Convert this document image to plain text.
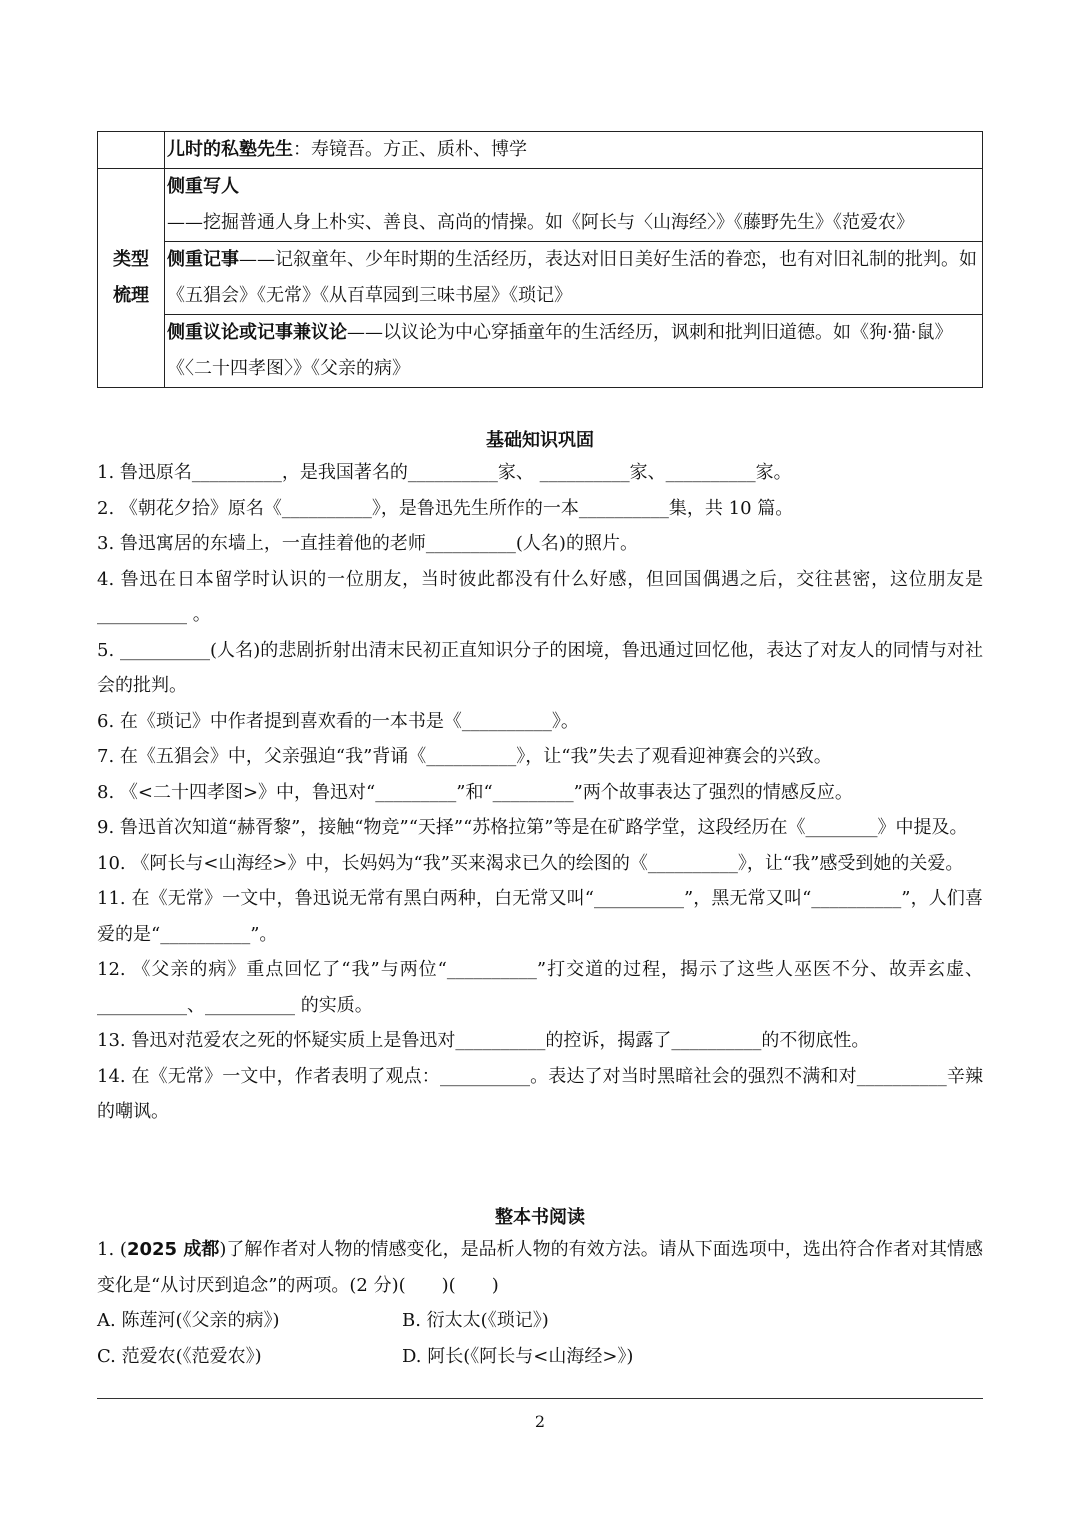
	儿时的私塾先生：寿镜吾。方正、质朴、博学

类型
梳理	侧重写人——挖掘普通人身上朴实、善良、高尚的情操。如《阿长与〈山海经〉》《藤野先生》《范爱农》
	侧重记事——记叙童年、少年时期的生活经历，表达对旧日美好生活的眷恋，也有对旧礼制的批判。如《五猖会》《无常》《从百草园到三味书屋》《琐记》
	侧重议论或记事兼议论——以议论为中心穿插童年的生活经历，讽刺和批判旧道德。如《狗·猫·鼠》《〈二十四孝图〉》《父亲的病》
基础知识巩固

1. 鲁迅原名__________，是我国著名的__________家、 __________家、__________家。

2. 《朝花夕拾》原名《__________》，是鲁迅先生所作的一本__________集，共 10 篇。

3. 鲁迅寓居的东墙上，一直挂着他的老师__________(人名)的照片。

4. 鲁迅在日本留学时认识的一位朋友，当时彼此都没有什么好感，但回国偶遇之后，交往甚密，这位朋友是__________ 。

5. __________(人名)的悲剧折射出清末民初正直知识分子的困境，鲁迅通过回忆他，表达了对友人的同情与对社会的批判。

6. 在《琐记》中作者提到喜欢看的一本书是《__________》。

7. 在《五猖会》中，父亲强迫“我”背诵《__________》，让“我”失去了观看迎神赛会的兴致。

8. 《<二十四孝图>》中，鲁迅对“_________”和“_________”两个故事表达了强烈的情感反应。

9. 鲁迅首次知道“赫胥黎”，接触“物竞”“天择”“苏格拉第”等是在矿路学堂，这段经历在《________》中提及。

10. 《阿长与<山海经>》中，长妈妈为“我”买来渴求已久的绘图的《__________》，让“我”感受到她的关爱。

11. 在《无常》一文中，鲁迅说无常有黑白两种，白无常又叫“__________”，黑无常又叫“__________”，人们喜爱的是“__________”。

12. 《父亲的病》重点回忆了“我”与两位“__________”打交道的过程，揭示了这些人巫医不分、故弄玄虚、__________、__________ 的实质。

13. 鲁迅对范爱农之死的怀疑实质上是鲁迅对__________的控诉，揭露了__________的不彻底性。

14. 在《无常》一文中，作者表明了观点：__________。表达了对当时黑暗社会的强烈不满和对__________辛辣的嘲讽。

整本书阅读

1. (2025 成都)了解作者对人物的情感变化，是品析人物的有效方法。请从下面选项中，选出符合作者对其情感变化是“从讨厌到追念”的两项。(2 分)(　　)(　　)

A. 陈莲河(《父亲的病》)	B. 衍太太(《琐记》)
C. 范爱农(《范爱农》)	D. 阿长(《阿长与<山海经>》)
2
